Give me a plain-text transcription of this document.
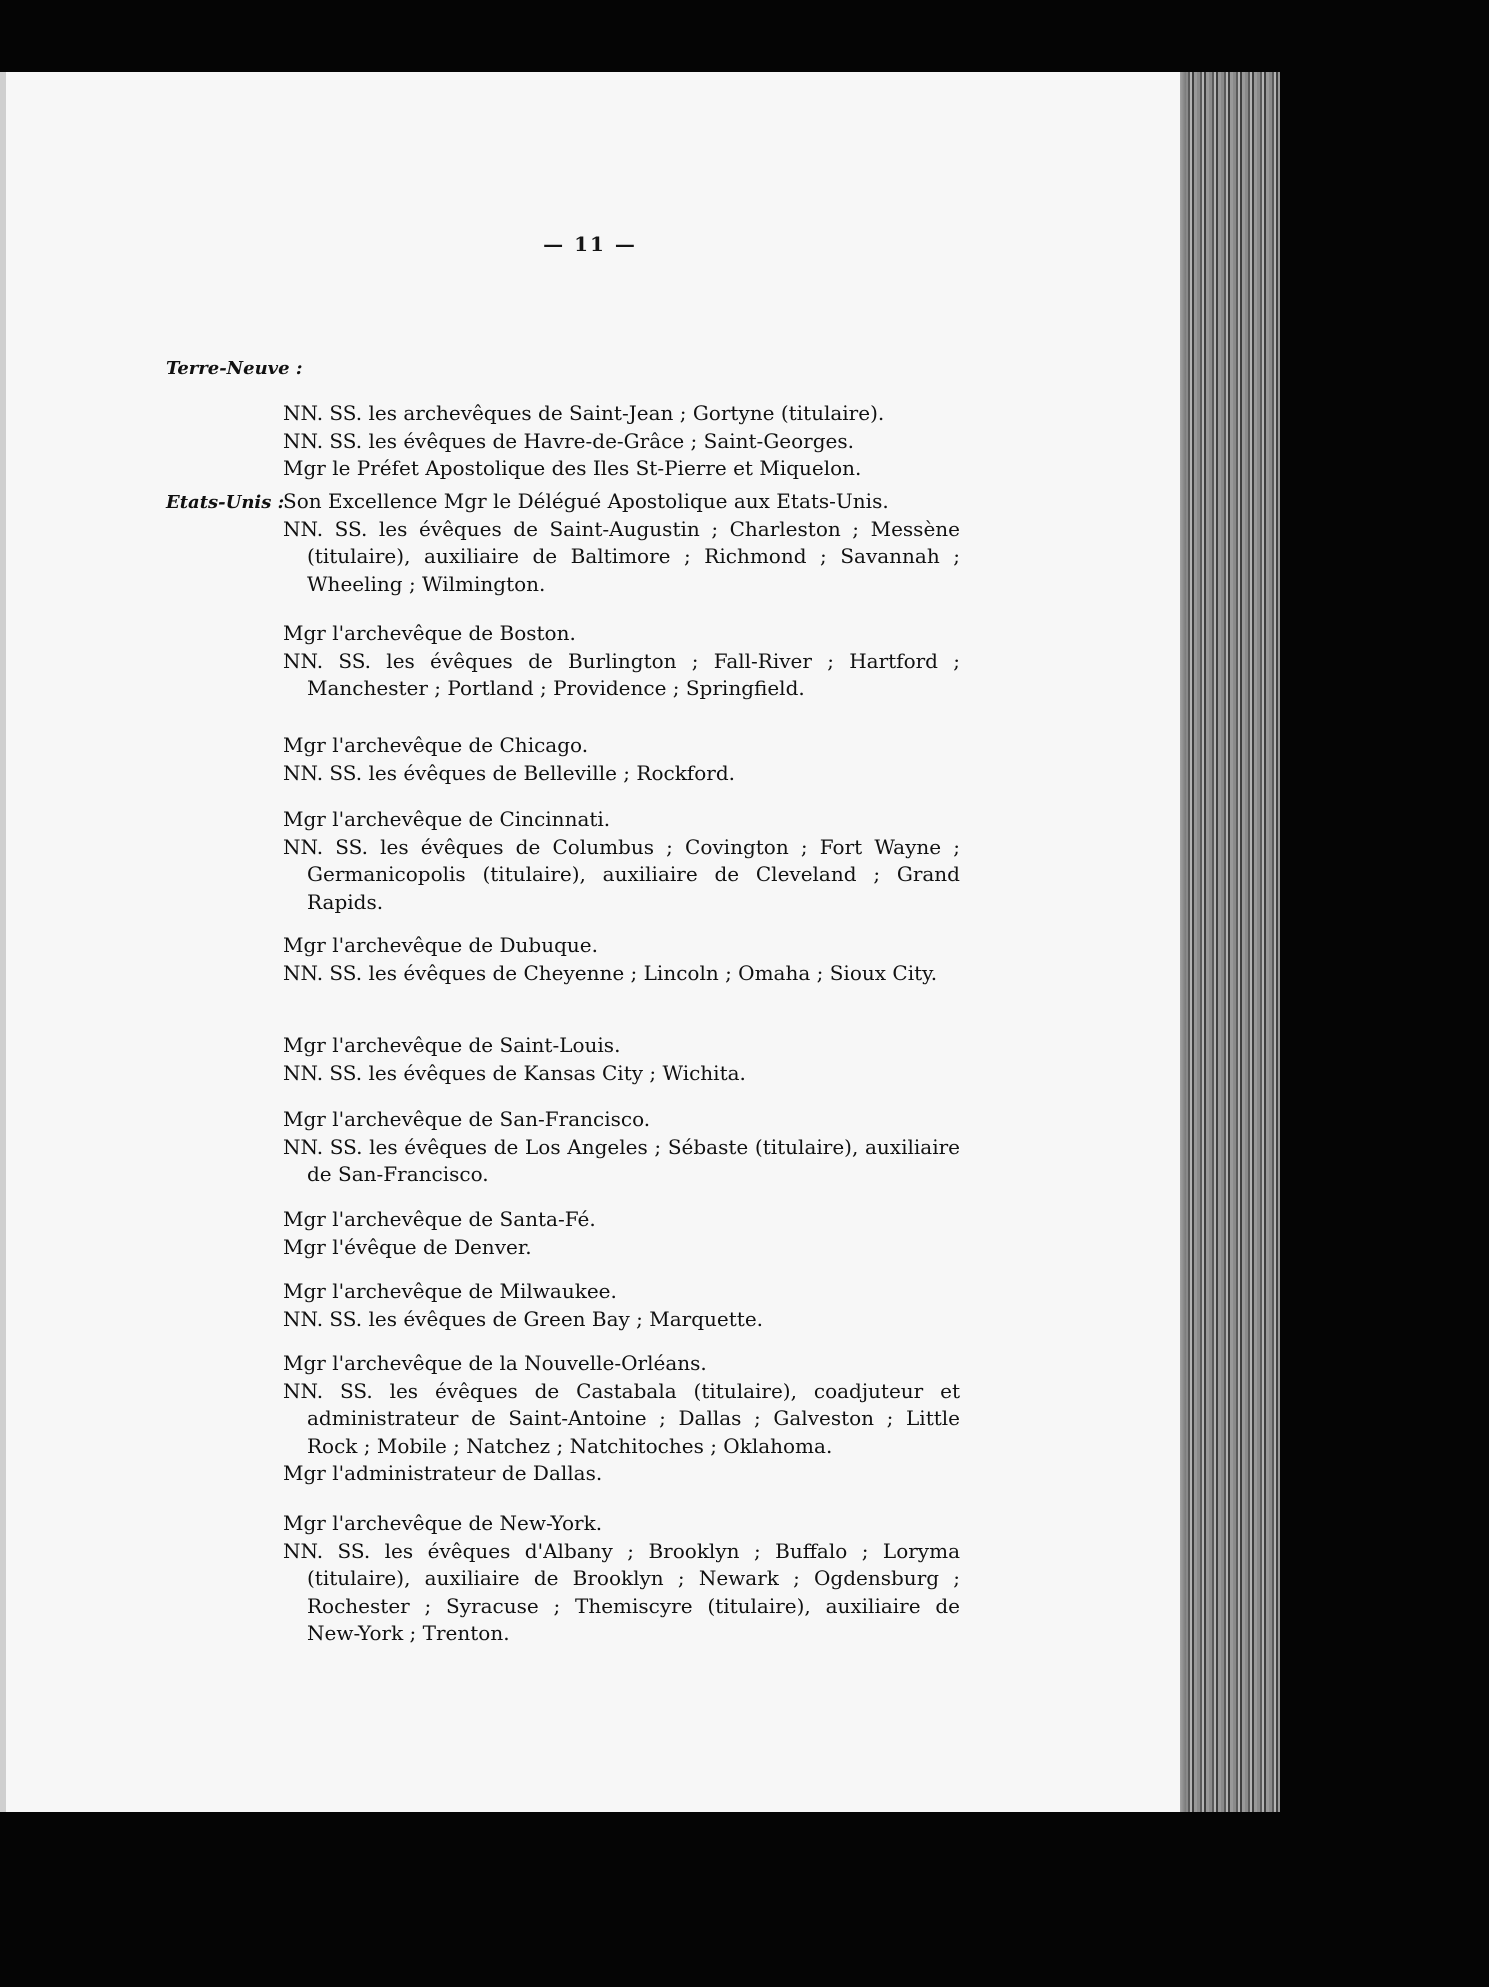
— 11 —
Terre-Neuve :

NN. SS. les archevêques de Saint-Jean ; Gortyne (titulaire).

NN. SS. les évêques de Havre-de-Grâce ; Saint-Georges.

Mgr le Préfet Apostolique des Iles St-Pierre et Miquelon.

Etats-Unis :

Son Excellence Mgr le Délégué Apostolique aux Etats-Unis.

NN. SS. les évêques de Saint-Augustin ; Charleston ; Messène (titulaire), auxiliaire de Baltimore ; Richmond ; Savannah ; Wheeling ; Wilmington.

Mgr l'archevêque de Boston.

NN. SS. les évêques de Burlington ; Fall-River ; Hartford ; Manchester ; Portland ; Providence ; Springfield.

Mgr l'archevêque de Chicago.

NN. SS. les évêques de Belleville ; Rockford.

Mgr l'archevêque de Cincinnati.

NN. SS. les évêques de Columbus ; Covington ; Fort Wayne ; Germanicopolis (titulaire), auxiliaire de Cleveland ; Grand Rapids.

Mgr l'archevêque de Dubuque.

NN. SS. les évêques de Cheyenne ; Lincoln ; Omaha ; Sioux City.

Mgr l'archevêque de Saint-Louis.

NN. SS. les évêques de Kansas City ; Wichita.

Mgr l'archevêque de San-Francisco.

NN. SS. les évêques de Los Angeles ; Sébaste (titulaire), auxiliaire de San-Francisco.

Mgr l'archevêque de Santa-Fé.

Mgr l'évêque de Denver.

Mgr l'archevêque de Milwaukee.

NN. SS. les évêques de Green Bay ; Marquette.

Mgr l'archevêque de la Nouvelle-Orléans.

NN. SS. les évêques de Castabala (titulaire), coadjuteur et administrateur de Saint-Antoine ; Dallas ; Galveston ; Little Rock ; Mobile ; Natchez ; Natchitoches ; Oklahoma.

Mgr l'administrateur de Dallas.

Mgr l'archevêque de New-York.

NN. SS. les évêques d'Albany ; Brooklyn ; Buffalo ; Loryma (titulaire), auxiliaire de Brooklyn ; Newark ; Ogdensburg ; Rochester ; Syracuse ; Themiscyre (titulaire), auxiliaire de New-York ; Trenton.
